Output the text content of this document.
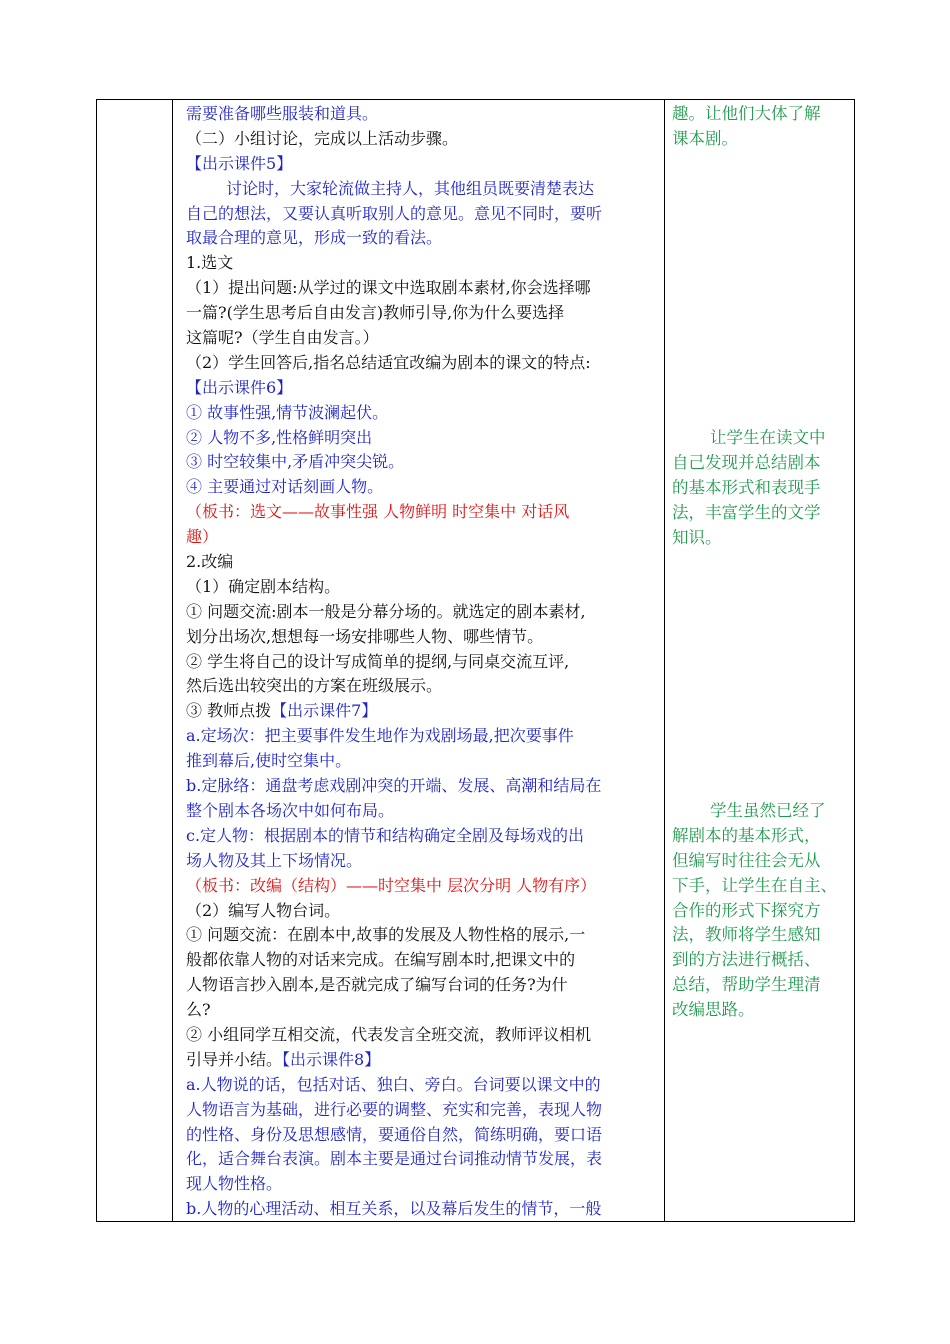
需要准备哪些服装和道具。
（二）小组讨论，完成以上活动步骤。
【出示课件5】
讨论时，大家轮流做主持人，其他组员既要清楚表达
自己的想法，又要认真听取别人的意见。意见不同时，要听
取最合理的意见，形成一致的看法。
1.选文
（1）提出问题:从学过的课文中选取剧本素材,你会选择哪
一篇?(学生思考后自由发言)教师引导,你为什么要选择
这篇呢?（学生自由发言。）
（2）学生回答后,指名总结适宜改编为剧本的课文的特点:
【出示课件6】
① 故事性强,情节波澜起伏。
② 人物不多,性格鲜明突出
③ 时空较集中,矛盾冲突尖锐。
④ 主要通过对话刻画人物。
（板书：选文——故事性强 人物鲜明 时空集中 对话风
趣）
2.改编
（1）确定剧本结构。
① 问题交流:剧本一般是分幕分场的。就选定的剧本素材,
划分出场次,想想每一场安排哪些人物、哪些情节。
② 学生将自己的设计写成简单的提纲,与同桌交流互评,
然后选出较突出的方案在班级展示。
③ 教师点拨【出示课件7】
a.定场次：把主要事件发生地作为戏剧场最,把次要事件
推到幕后,使时空集中。
b.定脉络：通盘考虑戏剧冲突的开端、发展、高潮和结局在
整个剧本各场次中如何布局。
c.定人物：根据剧本的情节和结构确定全剧及每场戏的出
场人物及其上下场情况。
（板书：改编（结构）——时空集中 层次分明 人物有序）
（2）编写人物台词。
① 问题交流：在剧本中,故事的发展及人物性格的展示,一
般都依靠人物的对话来完成。在编写剧本时,把课文中的
人物语言抄入剧本,是否就完成了编写台词的任务?为什
么?
② 小组同学互相交流，代表发言全班交流，教师评议相机
引导并小结。【出示课件8】
a.人物说的话，包括对话、独白、旁白。台词要以课文中的
人物语言为基础，进行必要的调整、充实和完善，表现人物
的性格、身份及思想感情，要通俗自然，简练明确，要口语
化，适合舞台表演。剧本主要是通过台词推动情节发展，表
现人物性格。
b.人物的心理活动、相互关系，以及幕后发生的情节，一般
趣。让他们大体了解
课本剧。
让学生在读文中
自己发现并总结剧本
的基本形式和表现手
法，丰富学生的文学
知识。
学生虽然已经了
解剧本的基本形式，
但编写时往往会无从
下手，让学生在自主、
合作的形式下探究方
法，教师将学生感知
到的方法进行概括、
总结，帮助学生理清
改编思路。
